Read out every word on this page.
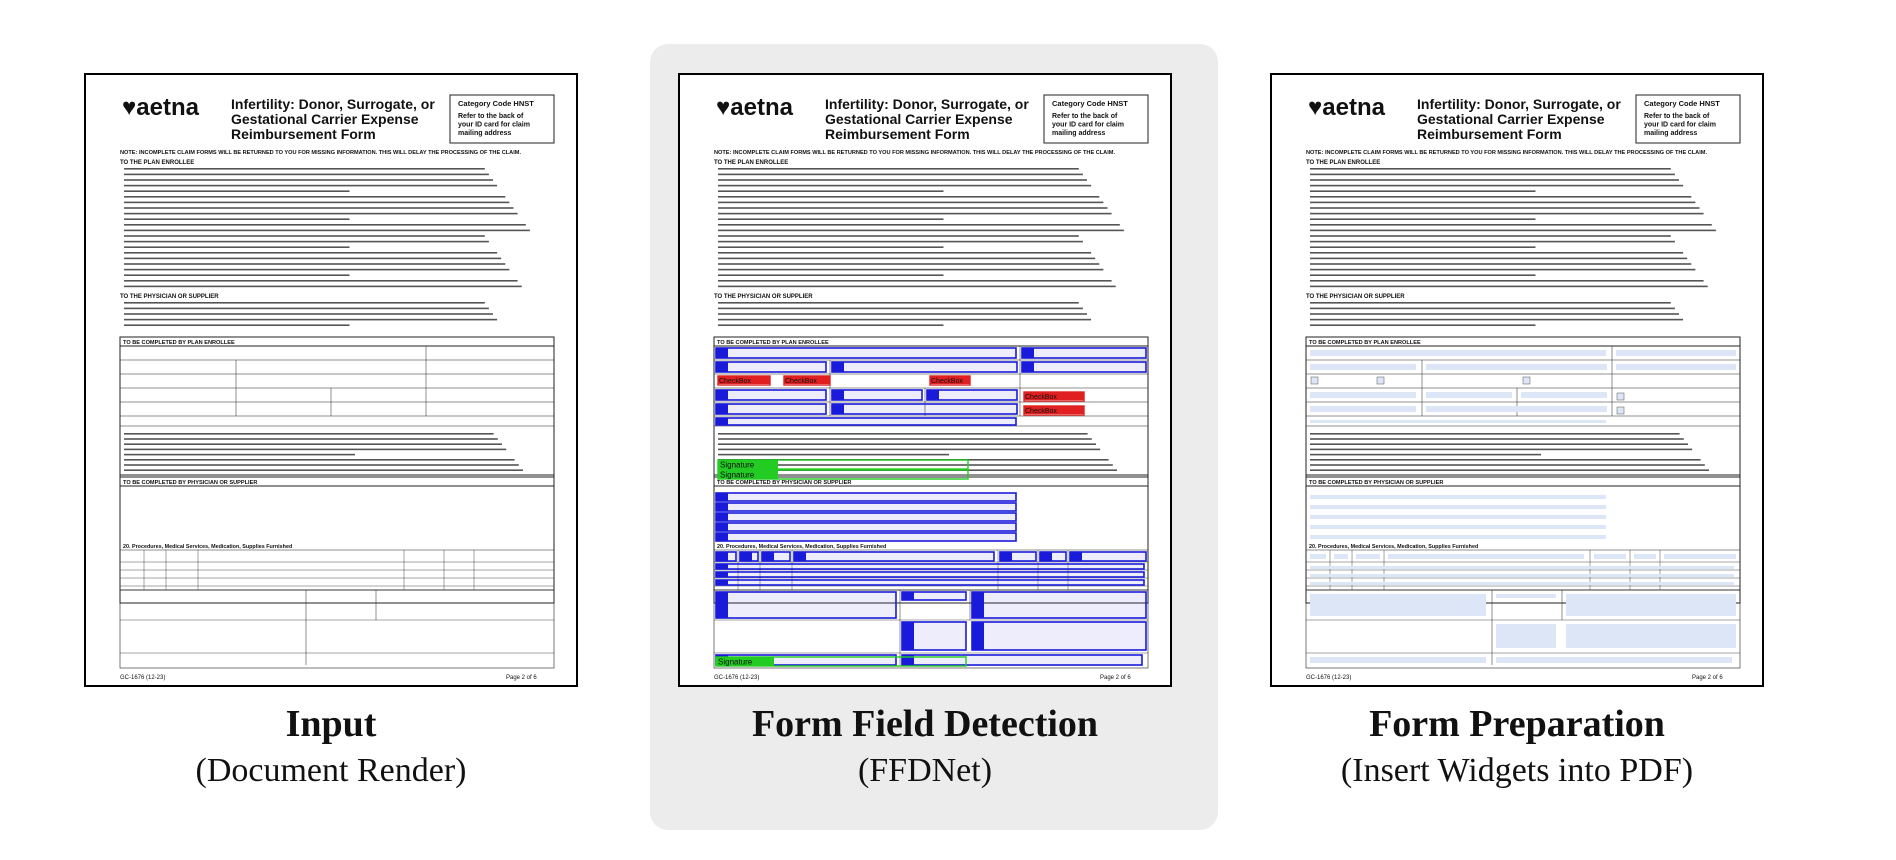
♥aetna Infertility: Donor, Surrogate, or
Gestational Carrier Expense
Reimbursement Form
Category Code HNST
Refer to the back of
your ID card for claim
mailing address
NOTE: INCOMPLETE CLAIM FORMS WILL BE RETURNED TO YOU FOR MISSING INFORMATION. THIS WILL DELAY THE PROCESSING OF THE CLAIM.
TO THE PLAN ENROLLEE
TO THE PHYSICIAN OR SUPPLIER
TO BE COMPLETED BY PLAN ENROLLEE
TO BE COMPLETED BY PHYSICIAN OR SUPPLIER
20. Procedures, Medical Services, Medication, Supplies Furnished
GC-1676 (12-23)	Page 2 of 6
♥aetna Infertility: Donor, Surrogate, or
Gestational Carrier Expense
Reimbursement Form
Category Code HNST
Refer to the back of
your ID card for claim
mailing address
NOTE: INCOMPLETE CLAIM FORMS WILL BE RETURNED TO YOU FOR MISSING INFORMATION. THIS WILL DELAY THE PROCESSING OF THE CLAIM.
TO THE PLAN ENROLLEE
TO THE PHYSICIAN OR SUPPLIER
TO BE COMPLETED BY PLAN ENROLLEE
TO BE COMPLETED BY PHYSICIAN OR SUPPLIER
20. Procedures, Medical Services, Medication, Supplies Furnished
GC-1676 (12-23)	Page 2 of 6
CheckBox	CheckBox	CheckBox
CheckBox
CheckBox
Signature
Signature
Signature
♥aetna Infertility: Donor, Surrogate, or
Gestational Carrier Expense
Reimbursement Form
Category Code HNST
Refer to the back of
your ID card for claim
mailing address
NOTE: INCOMPLETE CLAIM FORMS WILL BE RETURNED TO YOU FOR MISSING INFORMATION. THIS WILL DELAY THE PROCESSING OF THE CLAIM.
TO THE PLAN ENROLLEE
TO THE PHYSICIAN OR SUPPLIER
TO BE COMPLETED BY PLAN ENROLLEE
TO BE COMPLETED BY PHYSICIAN OR SUPPLIER
20. Procedures, Medical Services, Medication, Supplies Furnished
GC-1676 (12-23)	Page 2 of 6
Input
(Document Render)
Form Field Detection
(FFDNet)
Form Preparation
(Insert Widgets into PDF)
